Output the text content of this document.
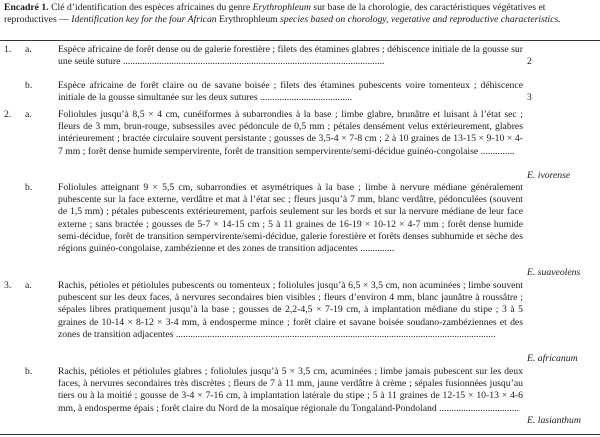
Encadré 1. Clé d’identification des espèces africaines du genre Erythrophleum sur base de la chorologie, des caractéristiques végétatives et reproductives — Identification key for the four African Erythrophleum species based on chorology, vegetative and reproductive characteristics.
1. a.	Espèce africaine de forêt dense ou de galerie forestière ; filets des étamines glabres ; déhiscence initiale de la gousse sur une seule suture ............................................................................................................	2
b.	Espèce africaine de forêt claire ou de savane boisée ; filets des étamines pubescents voire tomenteux ; déhiscence initiale de la gousse simultanée sur les deux sutures ......................................	3
2. a.	Foliolules jusqu’à 8,5 × 4 cm, cunéiformes à subarrondies à la base ; limbe glabre, brunâtre et luisant à l’état sec ; fleurs de 3 mm, brun-rouge, subsessiles avec pédoncule de 0,5 mm ; pétales densément velus extérieurement, glabres intérieurement ; bractée circulaire souvent persistante ; gousses de 3,5-4 × 7-8 cm ; 2 à 10 graines de 13-15 × 9-10 × 4-7 mm ; forêt dense humide sempervirente, forêt de transition sempervirente/semi-décidue guinéo-congolaise ..............
E. ivorense
b.	Foliolules atteignant 9 × 5,5 cm, subarrondies et asymétriques à la base ; limbe à nervure médiane généralement pubescente sur la face externe, verdâtre et mat à l’état sec ; fleurs jusqu’à 7 mm, blanc verdâtre, pédonculées (souvent de 1,5 mm) ; pétales pubescents extérieurement, parfois seulement sur les bords et sur la nervure médiane de leur face externe ; sans bractée ; gousses de 5-7 × 14-15 cm ; 5 à 11 graines de 16-19 × 10-12 × 4-7 mm ; forêt dense humide semi-décidue, forêt de transition sempervirente/semi-décidue, galerie forestière et forêts denses subhumide et sèche des régions guinéo-congolaise, zambézienne et des zones de transition adjacentes ..............
E. suaveolens
3. a.	Rachis, pétioles et pétiolules pubescents ou tomenteux ; foliolules jusqu’à 6,5 × 3,5 cm, non acuminées ; limbe souvent pubescent sur les deux faces, à nervures secondaires bien visibles ; fleurs d’environ 4 mm, blanc jaunâtre à roussâtre ; sépales libres pratiquement jusqu’à la base ; gousses de 2,2-4,5 × 7-19 cm, à implantation médiane du stipe ; 3 à 5 graines de 10-14 × 8-12 × 3-4 mm, à endosperme mince ; forêt claire et savane boisée soudano-zambéziennes et des zones de transition adjacentes ....................................................................................................................................
E. africanum
b.	Rachis, pétioles et pétiolules glabres ; foliolules jusqu’à 5 × 3,5 cm, acuminées ; limbe jamais pubescent sur les deux faces, à nervures secondaires très discrètes ; fleurs de 7 à 11 mm, jaune verdâtre à crème ; sépales fusionnées jusqu’au tiers ou à la moitié ; gousse de 3-4 × 7-16 cm, à implantation latérale du stipe ; 5 à 11 graines de 12-15 × 10-13 × 4-6 mm, à endosperme épais ; forêt claire du Nord de la mosaïque régionale du Tongaland-Pondoland .................................
E. lasianthum
